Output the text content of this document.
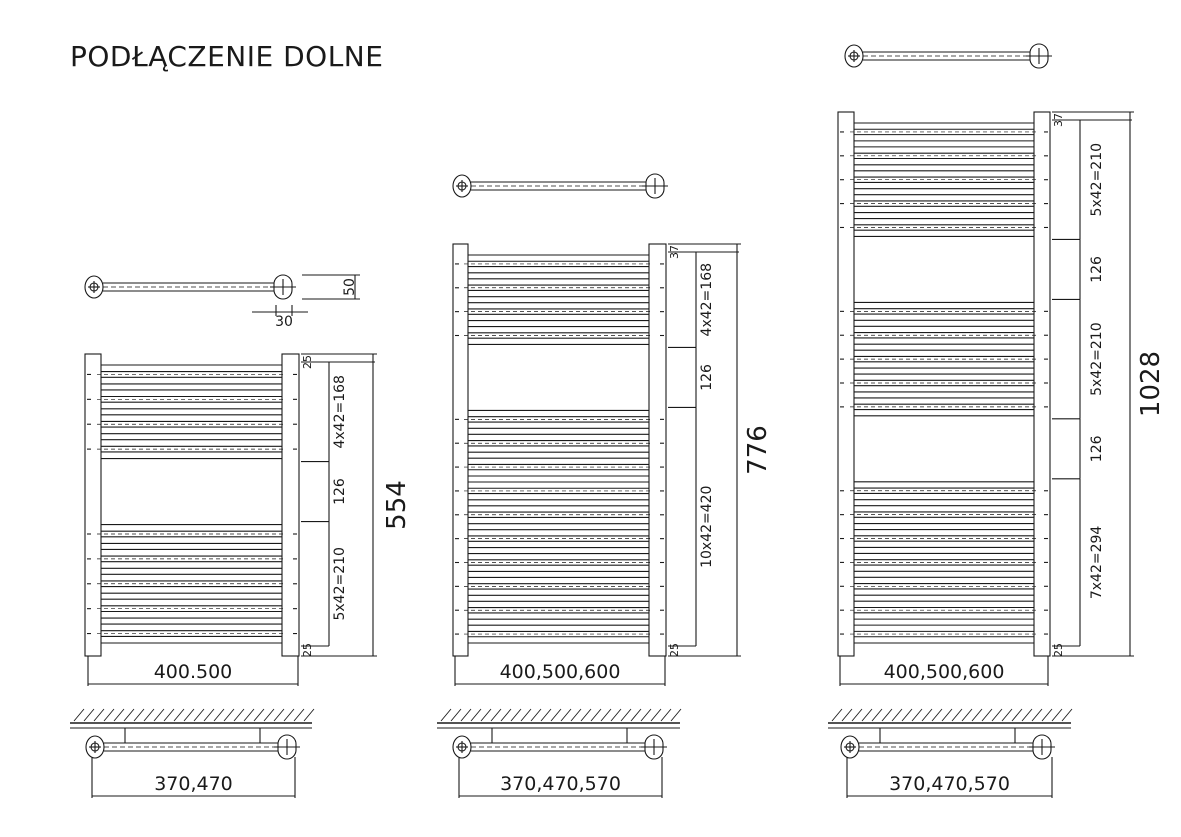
PODŁĄCZENIE DOLNE
50
30
25
4x42=168
126
5x42=210
25
554
400.500
370,470
37
4x42=168
126
10x42=420
25
776
400,500,600
370,470,570
37
5x42=210
126
5x42=210
126
7x42=294
25
1028
400,500,600
370,470,570
